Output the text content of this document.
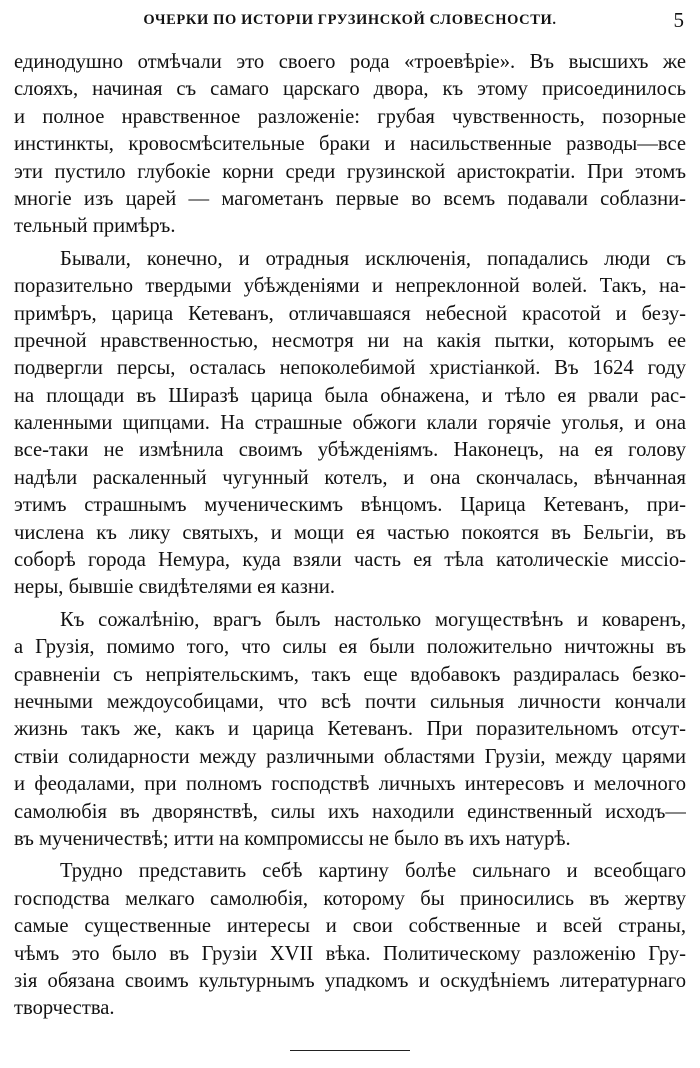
ОЧЕРКИ ПО ИСТОРІИ ГРУЗИНСКОЙ СЛОВЕСНОСТИ.	5
единодушно отмѣчали это своего рода «троевѣріе». Въ высшихъ же
слояхъ, начиная съ самаго царскаго двора, къ этому присоединилось
и полное нравственное разложеніе: грубая чувственность, позорные
инстинкты, кровосмѣсительные браки и насильственные разводы—все
эти пустило глубокіе корни среди грузинской аристократіи. При этомъ
многіе изъ царей — магометанъ первые во всемъ подавали соблазни-
тельный примѣръ.
Бывали, конечно, и отрадныя исключенія, попадались люди съ
поразительно твердыми убѣжденіями и непреклонной волей. Такъ, на-
примѣръ, царица Кетеванъ, отличавшаяся небесной красотой и безу-
пречной нравственностью, несмотря ни на какія пытки, которымъ ее
подвергли персы, осталась непоколебимой христіанкой. Въ 1624 году
на площади въ Ширазѣ царица была обнажена, и тѣло ея рвали рас-
каленными щипцами. На страшные обжоги клали горячіе уголья, и она
все-таки не измѣнила своимъ убѣжденіямъ. Наконецъ, на ея голову
надѣли раскаленный чугунный котелъ, и она скончалась, вѣнчанная
этимъ страшнымъ мученическимъ вѣнцомъ. Царица Кетеванъ, при-
числена къ лику святыхъ, и мощи ея частью покоятся въ Бельгіи, въ
соборѣ города Немура, куда взяли часть ея тѣла католическіе миссіо-
неры, бывшіе свидѣтелями ея казни.
Къ сожалѣнію, врагъ былъ настолько могуществѣнъ и коваренъ,
а Грузія, помимо того, что силы ея были положительно ничтожны въ
сравненіи съ непріятельскимъ, такъ еще вдобавокъ раздиралась безко-
нечными междоусобицами, что всѣ почти сильныя личности кончали
жизнь такъ же, какъ и царица Кетеванъ. При поразительномъ отсут-
ствіи солидарности между различными областями Грузіи, между царями
и феодалами, при полномъ господствѣ личныхъ интересовъ и мелочного
самолюбія въ дворянствѣ, силы ихъ находили единственный исходъ—
въ мученичествѣ; итти на компромиссы не было въ ихъ натурѣ.
Трудно представить себѣ картину болѣе сильнаго и всеобщаго
господства мелкаго самолюбія, которому бы приносились въ жертву
самые существенные интересы и свои собственные и всей страны,
чѣмъ это было въ Грузіи XVII вѣка. Политическому разложенію Гру-
зія обязана своимъ культурнымъ упадкомъ и оскудѣніемъ литературнаго
творчества.
